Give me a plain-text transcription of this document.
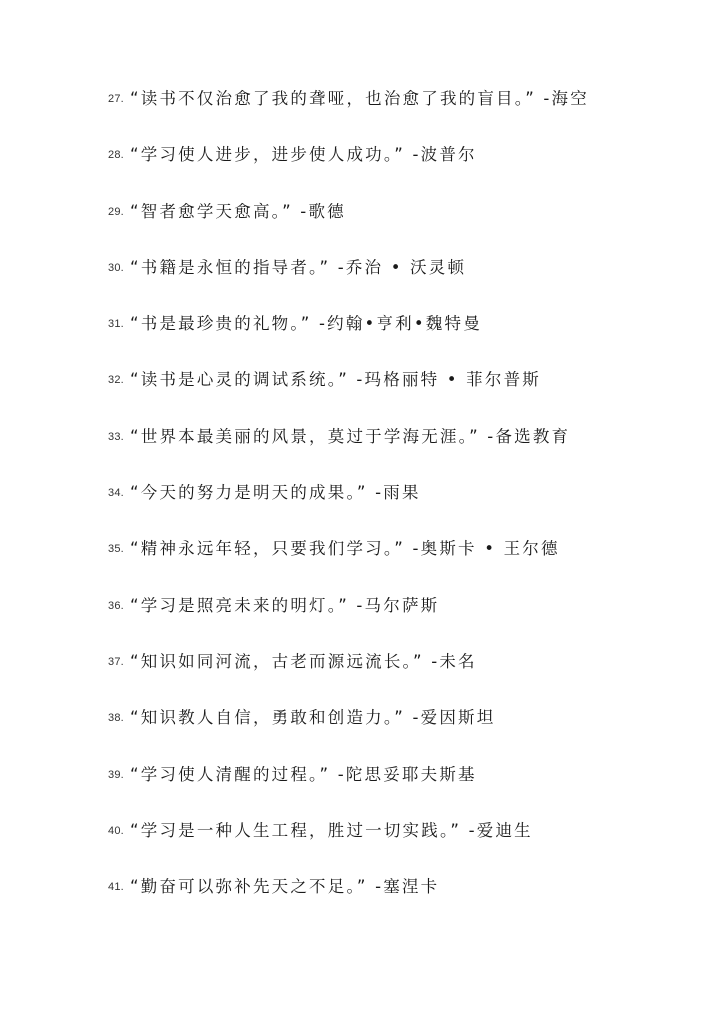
27. “读书不仅治愈了我的聋哑，也治愈了我的盲目。” -海空
28. “学习使人进步，进步使人成功。” -波普尔
29. “智者愈学天愈高。” -歌德
30. “书籍是永恒的指导者。” -乔治 • 沃灵顿
31. “书是最珍贵的礼物。” -约翰•亨利•魏特曼
32. “读书是心灵的调试系统。” -玛格丽特 • 菲尔普斯
33. “世界本最美丽的风景，莫过于学海无涯。” -备选教育
34. “今天的努力是明天的成果。” -雨果
35. “精神永远年轻，只要我们学习。” -奥斯卡 • 王尔德
36. “学习是照亮未来的明灯。” -马尔萨斯
37. “知识如同河流，古老而源远流长。” -未名
38. “知识教人自信，勇敢和创造力。” -爱因斯坦
39. “学习使人清醒的过程。” -陀思妥耶夫斯基
40. “学习是一种人生工程，胜过一切实践。” -爱迪生
41. “勤奋可以弥补先天之不足。” -塞涅卡
